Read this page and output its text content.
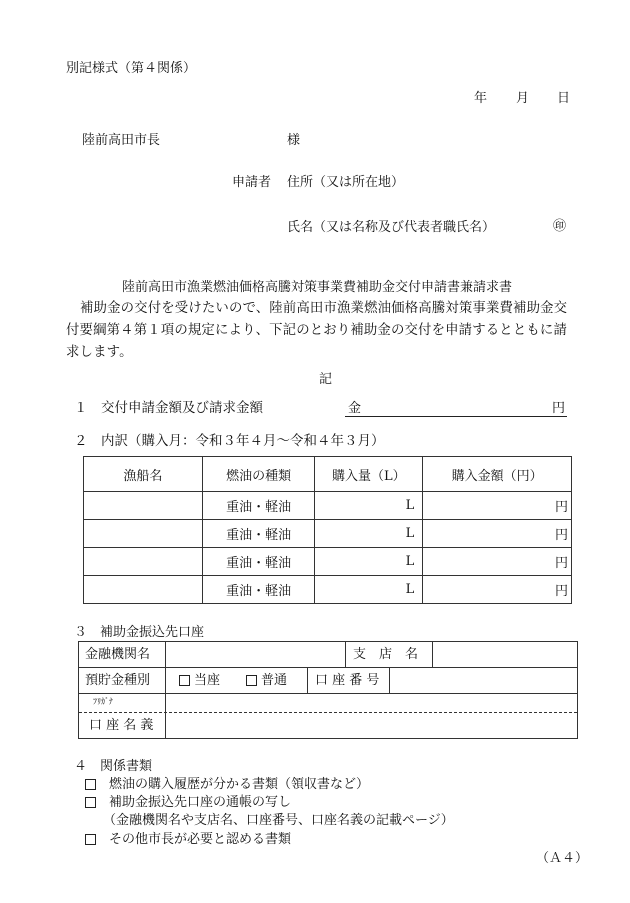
別記様式（第４関係）
年 月 日
陸前高田市長	様
申請者 住所（又は所在地）
氏名（又は名称及び代表者職氏名）	㊞
陸前高田市漁業燃油価格高騰対策事業費補助金交付申請書兼請求書
補助金の交付を受けたいので、陸前高田市漁業燃油価格高騰対策事業費補助金交付要綱第４第１項の規定により、下記のとおり補助金の交付を申請するとともに請求します。
記
１　交付申請金額及び請求金額	金	円
２　内訳（購入月：令和３年４月～令和４年３月）
漁船名	燃油の種類	購入量（L）	購入金額（円）
	重油・軽油	L	円
	重油・軽油	L	円
	重油・軽油	L	円
	重油・軽油	L	円
３　補助金振込先口座
金融機関名	支　店　名
預貯金種別	当座	普通 口 座 番 号
ﾌﾘｶﾞﾅ
口 座 名 義
４　関係書類
燃油の購入履歴が分かる書類（領収書など）
補助金振込先口座の通帳の写し
（金融機関名や支店名、口座番号、口座名義の記載ページ）
その他市長が必要と認める書類
（Ａ４）
